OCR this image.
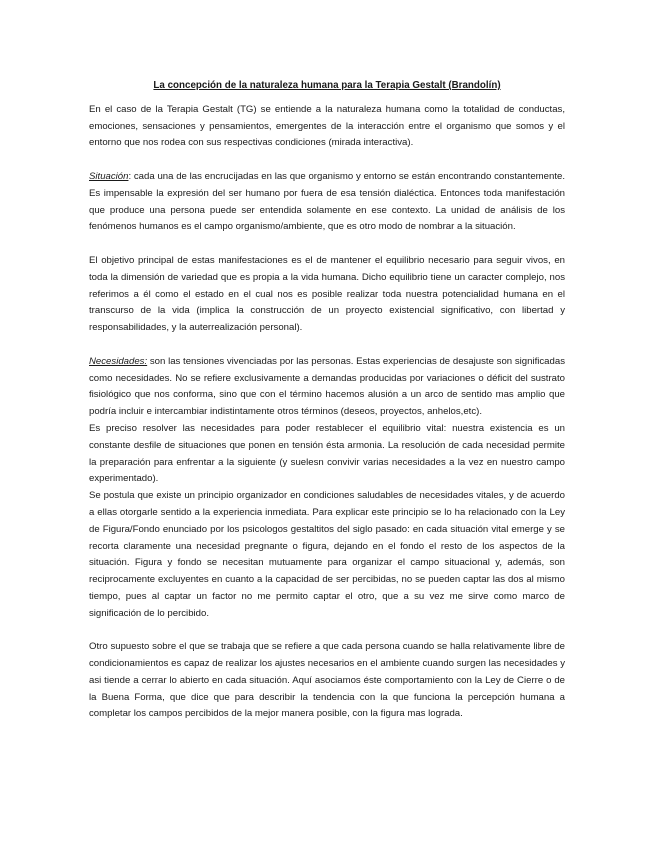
La concepción de la naturaleza humana para la Terapia Gestalt (Brandolín)

En el caso de la Terapia Gestalt (TG) se entiende a la naturaleza humana como la totalidad de conductas, emociones, sensaciones y pensamientos, emergentes de la interacción entre el organismo que somos y el entorno que nos rodea con sus respectivas condiciones (mirada interactiva).

Situación: cada una de las encrucijadas en las que organismo y entorno se están encontrando constantemente. Es impensable la expresión del ser humano por fuera de esa tensión dialéctica. Entonces toda manifestación que produce una persona puede ser entendida solamente en ese contexto. La unidad de análisis de los fenómenos humanos es el campo organismo/ambiente, que es otro modo de nombrar a la situación.

El objetivo principal de estas manifestaciones es el de mantener el equilibrio necesario para seguir vivos, en toda la dimensión de variedad que es propia a la vida humana. Dicho equilibrio tiene un caracter complejo, nos referimos a él como el estado en el cual nos es posible realizar toda nuestra potencialidad humana en el transcurso de la vida (implica la construcción de un proyecto existencial significativo, con libertad y responsabilidades, y la auterrealización personal).

Necesidades: son las tensiones vivenciadas por las personas. Estas experiencias de desajuste son significadas como necesidades. No se refiere exclusivamente a demandas producidas por variaciones o déficit del sustrato fisiológico que nos conforma, sino que con el término hacemos alusión a un arco de sentido mas amplio que podría incluir e intercambiar indistintamente otros términos (deseos, proyectos, anhelos,etc).

Es preciso resolver las necesidades para poder restablecer el equilibrio vital: nuestra existencia es un constante desfile de situaciones que ponen en tensión ésta armonia. La resolución de cada necesidad permite la preparación para enfrentar a la siguiente (y suelesn convivir varias necesidades a la vez en nuestro campo experimentado).

Se postula que existe un principio organizador en condiciones saludables de necesidades vitales, y de acuerdo a ellas otorgarle sentido a la experiencia inmediata. Para explicar este principio se lo ha relacionado con la Ley de Figura/Fondo enunciado por los psicologos gestaltitos del siglo pasado: en cada situación vital emerge y se recorta claramente una necesidad pregnante o figura, dejando en el fondo el resto de los aspectos de la situación. Figura y fondo se necesitan mutuamente para organizar el campo situacional y, además, son reciprocamente excluyentes en cuanto a la capacidad de ser percibidas, no se pueden captar las dos al mismo tiempo, pues al captar un factor no me permito captar el otro, que a su vez me sirve como marco de significación de lo percibido.

Otro supuesto sobre el que se trabaja que se refiere a que cada persona cuando se halla relativamente libre de condicionamientos es capaz de realizar los ajustes necesarios en el ambiente cuando surgen las necesidades y asi tiende a cerrar lo abierto en cada situación. Aquí asociamos éste comportamiento con la Ley de Cierre o de la Buena Forma, que dice que para describir la tendencia con la que funciona la percepción humana a completar los campos percibidos de la mejor manera posible, con la figura mas lograda.
